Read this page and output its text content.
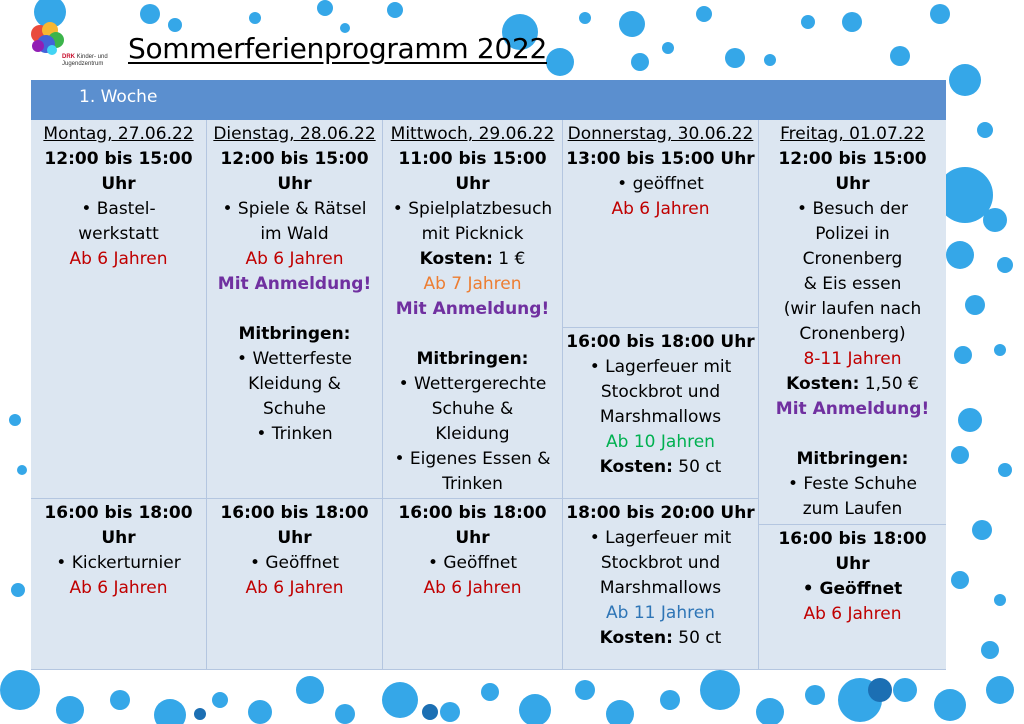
DRK Kinder- und Jugendzentrum Sommerferienprogramm 2022
1. Woche
Montag, 27.06.22
12:00 bis 15:00 Uhr
• Bastel-
werkstatt
Ab 6 Jahren
16:00 bis 18:00 Uhr
• Kickerturnier
Ab 6 Jahren
Dienstag, 28.06.22
12:00 bis 15:00 Uhr
• Spiele & Rätsel
im Wald
Ab 6 Jahren
Mit Anmeldung!
Mitbringen:
• Wetterfeste
Kleidung &
Schuhe
• Trinken
16:00 bis 18:00 Uhr
• Geöffnet
Ab 6 Jahren
Mittwoch, 29.06.22
11:00 bis 15:00 Uhr
• Spielplatzbesuch
mit Picknick
Kosten: 1 €
Ab 7 Jahren
Mit Anmeldung!
Mitbringen:
• Wettergerechte
Schuhe &
Kleidung
• Eigenes Essen &
Trinken
16:00 bis 18:00 Uhr
• Geöffnet
Ab 6 Jahren
Donnerstag, 30.06.22
13:00 bis 15:00 Uhr
• geöffnet
Ab 6 Jahren
16:00 bis 18:00 Uhr
• Lagerfeuer mit
Stockbrot und
Marshmallows
Ab 10 Jahren
Kosten: 50 ct
18:00 bis 20:00 Uhr
• Lagerfeuer mit
Stockbrot und
Marshmallows
Ab 11 Jahren
Kosten: 50 ct
Freitag, 01.07.22
12:00 bis 15:00 Uhr
• Besuch der
Polizei in
Cronenberg
& Eis essen
(wir laufen nach
Cronenberg)
8-11 Jahren
Kosten: 1,50 €
Mit Anmeldung!
Mitbringen:
• Feste Schuhe
zum Laufen
16:00 bis 18:00 Uhr
• Geöffnet
Ab 6 Jahren
